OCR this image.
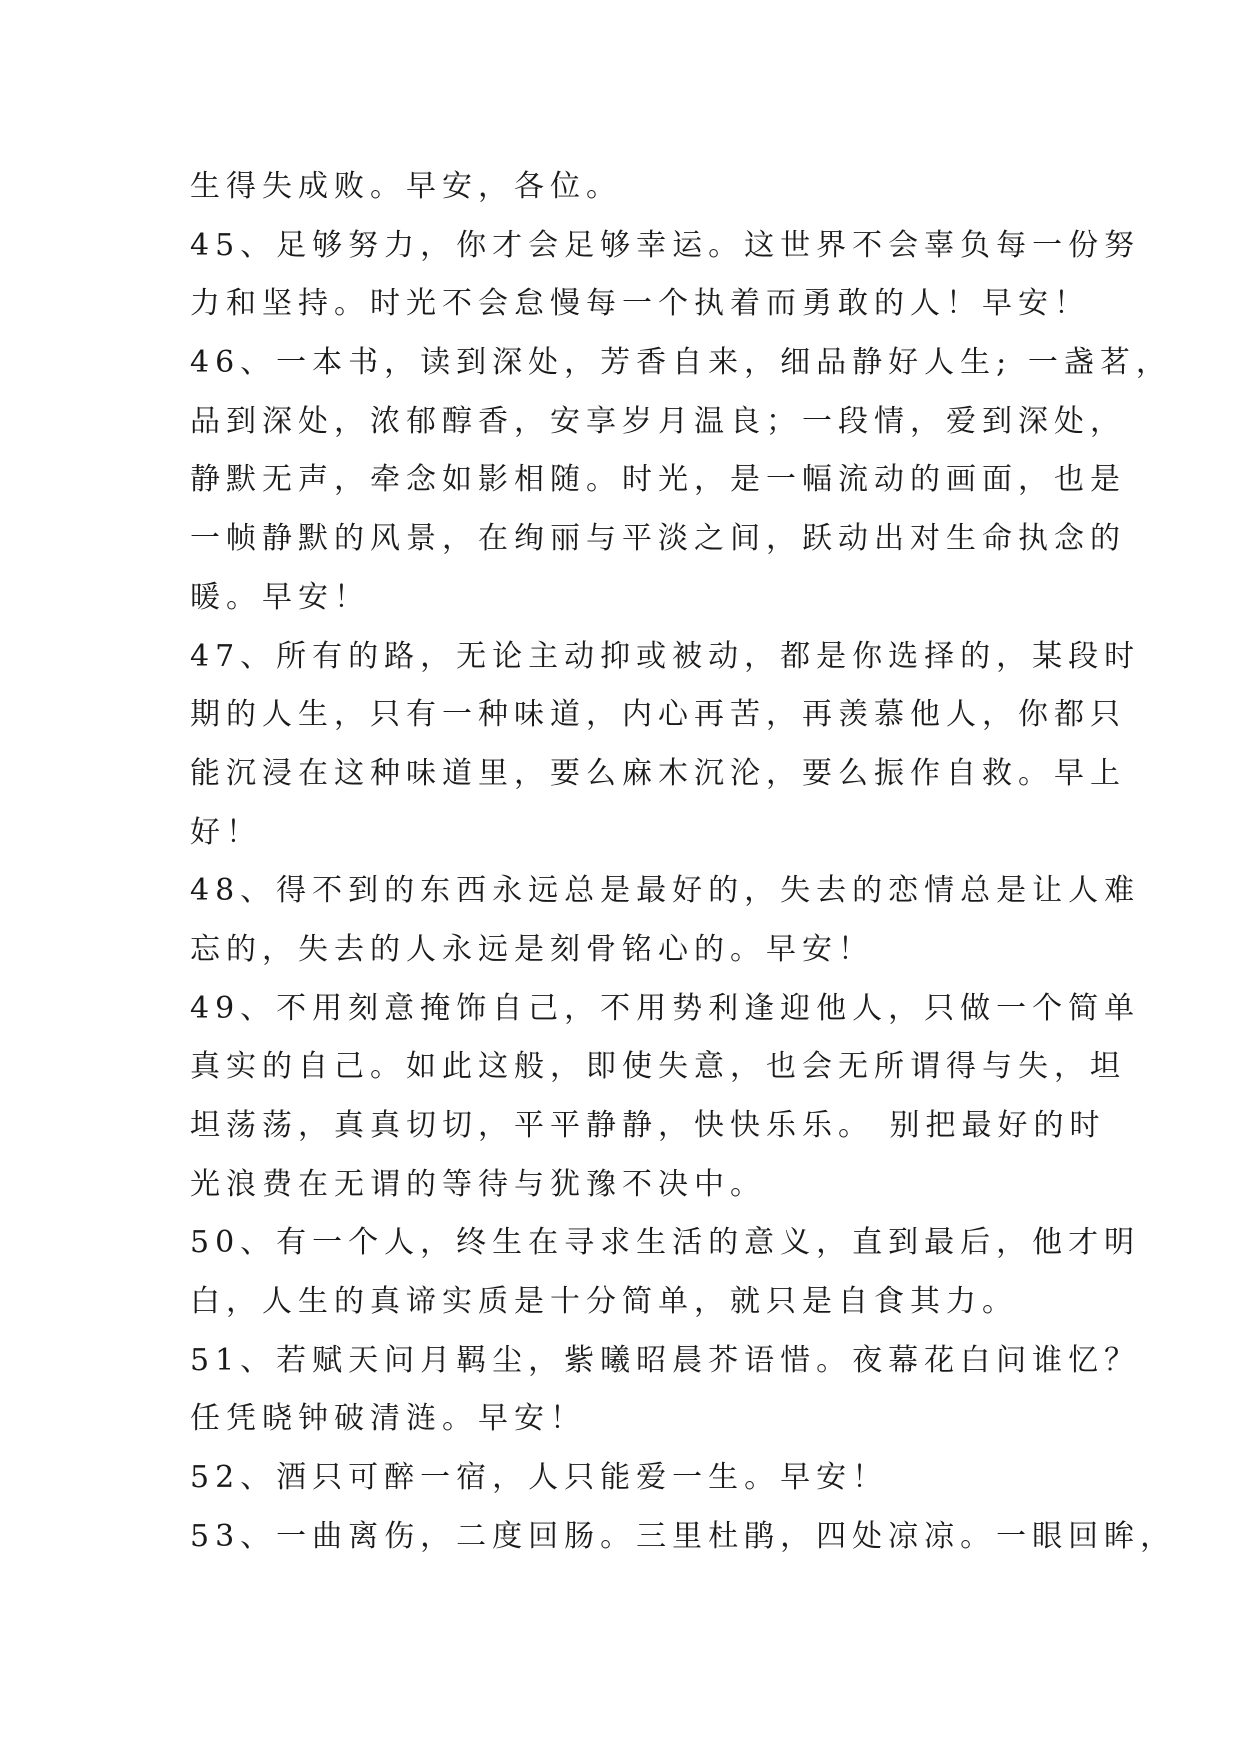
生得失成败。早安，各位。
45、足够努力，你才会足够幸运。这世界不会辜负每一份努
力和坚持。时光不会怠慢每一个执着而勇敢的人！早安！
46、一本书，读到深处，芳香自来，细品静好人生; 一盏茗，
品到深处，浓郁醇香，安享岁月温良；一段情，爱到深处，
静默无声，牵念如影相随。时光，是一幅流动的画面，也是
一帧静默的风景，在绚丽与平淡之间，跃动出对生命执念的
暖。早安！
47、所有的路，无论主动抑或被动，都是你选择的，某段时
期的人生，只有一种味道，内心再苦，再羡慕他人，你都只
能沉浸在这种味道里，要么麻木沉沦，要么振作自救。早上
好！
48、得不到的东西永远总是最好的，失去的恋情总是让人难
忘的，失去的人永远是刻骨铭心的。早安！
49、不用刻意掩饰自己，不用势利逢迎他人，只做一个简单
真实的自己。如此这般，即使失意，也会无所谓得与失，坦
坦荡荡，真真切切，平平静静，快快乐乐。 别把最好的时
光浪费在无谓的等待与犹豫不决中。
50、有一个人，终生在寻求生活的意义，直到最后，他才明
白，人生的真谛实质是十分简单，就只是自食其力。
51、若赋天问月羁尘，紫曦昭晨芥语惜。夜幕花白问谁忆？
任凭晓钟破清涟。早安！
52、酒只可醉一宿，人只能爱一生。早安！
53、一曲离伤，二度回肠。三里杜鹃，四处凉凉。一眼回眸，
